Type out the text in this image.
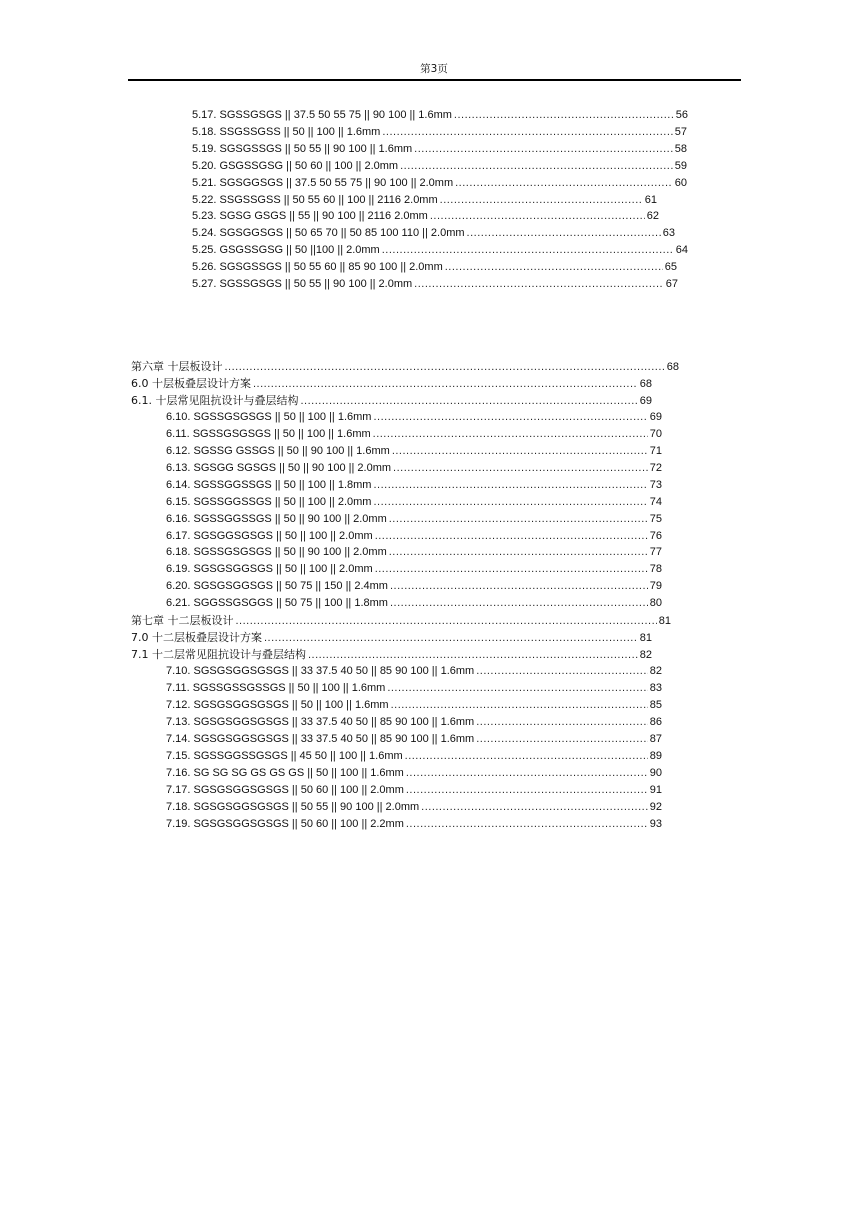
第3页
5.17. SGSSGSGS || 37.5 50 55 75 || 90 100 || 1.6mm .....	56
5.18. SSGSSGSS || 50 || 100 || 1.6mm .....	57
5.19. SGSGSSGS || 50 55 || 90 100 || 1.6mm .....	58
5.20. GSGSSGSG || 50 60 || 100 || 2.0mm .....	59
5.21. SGSGGSGS || 37.5 50 55 75 || 90 100 || 2.0mm .....	60
5.22. SSGSSGSS || 50 55 60 || 100 || 2116 2.0mm .....	61
5.23. SGSG GSGS || 55 || 90 100 || 2116 2.0mm .....	62
5.24. SGSGGSGS || 50 65 70 || 50 85 100 110 || 2.0mm .....	63
5.25. GSGSSGSG || 50 ||100 || 2.0mm .....	64
5.26. SGSGSSGS || 50 55 60 || 85 90 100 || 2.0mm .....	65
5.27. SGSSGSGS || 50 55 || 90 100 || 2.0mm .....	67
第六章 十层板设计 .....	68
6.0 十层板叠层设计方案 .....	68
6.1. 十层常见阻抗设计与叠层结构 .....	69
6.10. SGSSGSGSGS || 50 || 100 || 1.6mm .....	69
6.11. SGSSGSGSGS || 50 || 100 || 1.6mm .....	70
6.12. SGSSG GSSGS || 50 || 90 100 || 1.6mm .....	71
6.13. SGSGG SGSGS || 50 || 90 100 || 2.0mm .....	72
6.14. SGSSGGSSGS || 50 || 100 || 1.8mm .....	73
6.15. SGSSGGSSGS || 50 || 100 || 2.0mm .....	74
6.16. SGSSGGSSGS || 50 || 90 100 || 2.0mm .....	75
6.17. SGSGGSGSGS || 50 || 100 || 2.0mm .....	76
6.18. SGSSGSGSGS || 50 || 90 100 || 2.0mm .....	77
6.19. SGSGSGGSGS || 50 || 100 || 2.0mm .....	78
6.20. SGSGSGGSGS || 50 75 || 150 || 2.4mm .....	79
6.21. SGGSSGSGGS || 50 75 || 100 || 1.8mm .....	80
第七章 十二层板设计 .....	81
7.0 十二层板叠层设计方案 .....	81
7.1 十二层常见阻抗设计与叠层结构 .....	82
7.10. SGSGSGGSGSGS || 33 37.5 40 50 || 85 90 100 || 1.6mm .....	82
7.11. SGSSGSSGSSGS || 50 || 100 || 1.6mm .....	83
7.12. SGSGSGGSGSGS || 50 || 100 || 1.6mm .....	85
7.13. SGSGSGGSGSGS || 33 37.5 40 50 || 85 90 100 || 1.6mm .....	86
7.14. SGSGSGGSGSGS || 33 37.5 40 50 || 85 90 100 || 1.6mm .....	87
7.15. SGSSGGSSGSGS || 45 50 || 100 || 1.6mm .....	89
7.16. SG SG SG GS GS GS || 50 || 100 || 1.6mm .....	90
7.17. SGSGSGGSGSGS || 50 60 || 100 || 2.0mm .....	91
7.18. SGSGSGGSGSGS || 50 55 || 90 100 || 2.0mm .....	92
7.19. SGSGSGGSGSGS || 50 60 || 100 || 2.2mm .....	93
